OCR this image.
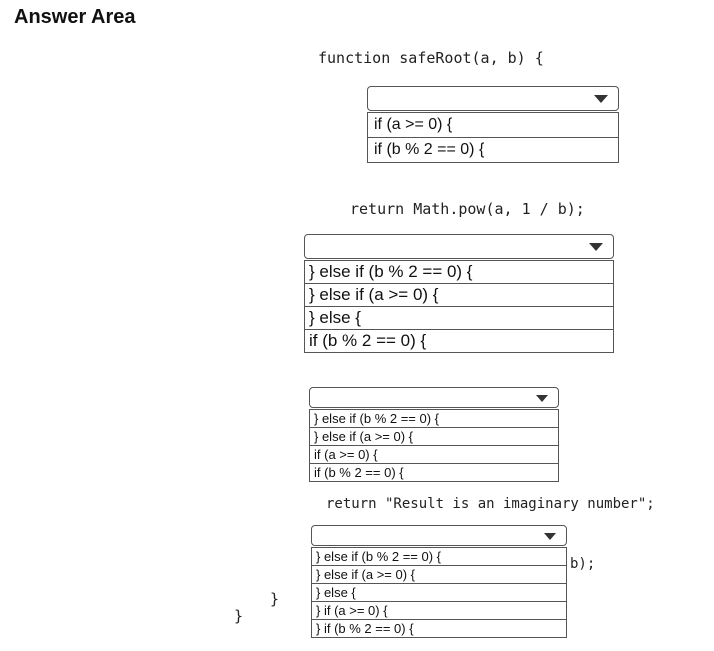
Answer Area
function safeRoot(a, b) {
if (a >= 0) {
if (b % 2 == 0) {
return Math.pow(a, 1 / b);
} else if (b % 2 == 0) {
} else if (a >= 0) {
} else {
if (b % 2 == 0) {
} else if (b % 2 == 0) {
} else if (a >= 0) {
if (a >= 0) {
if (b % 2 == 0) {
return "Result is an imaginary number";
b);
} else if (b % 2 == 0) {
} else if (a >= 0) {
} else {
} if (a >= 0) {
} if (b % 2 == 0) {
}
}
